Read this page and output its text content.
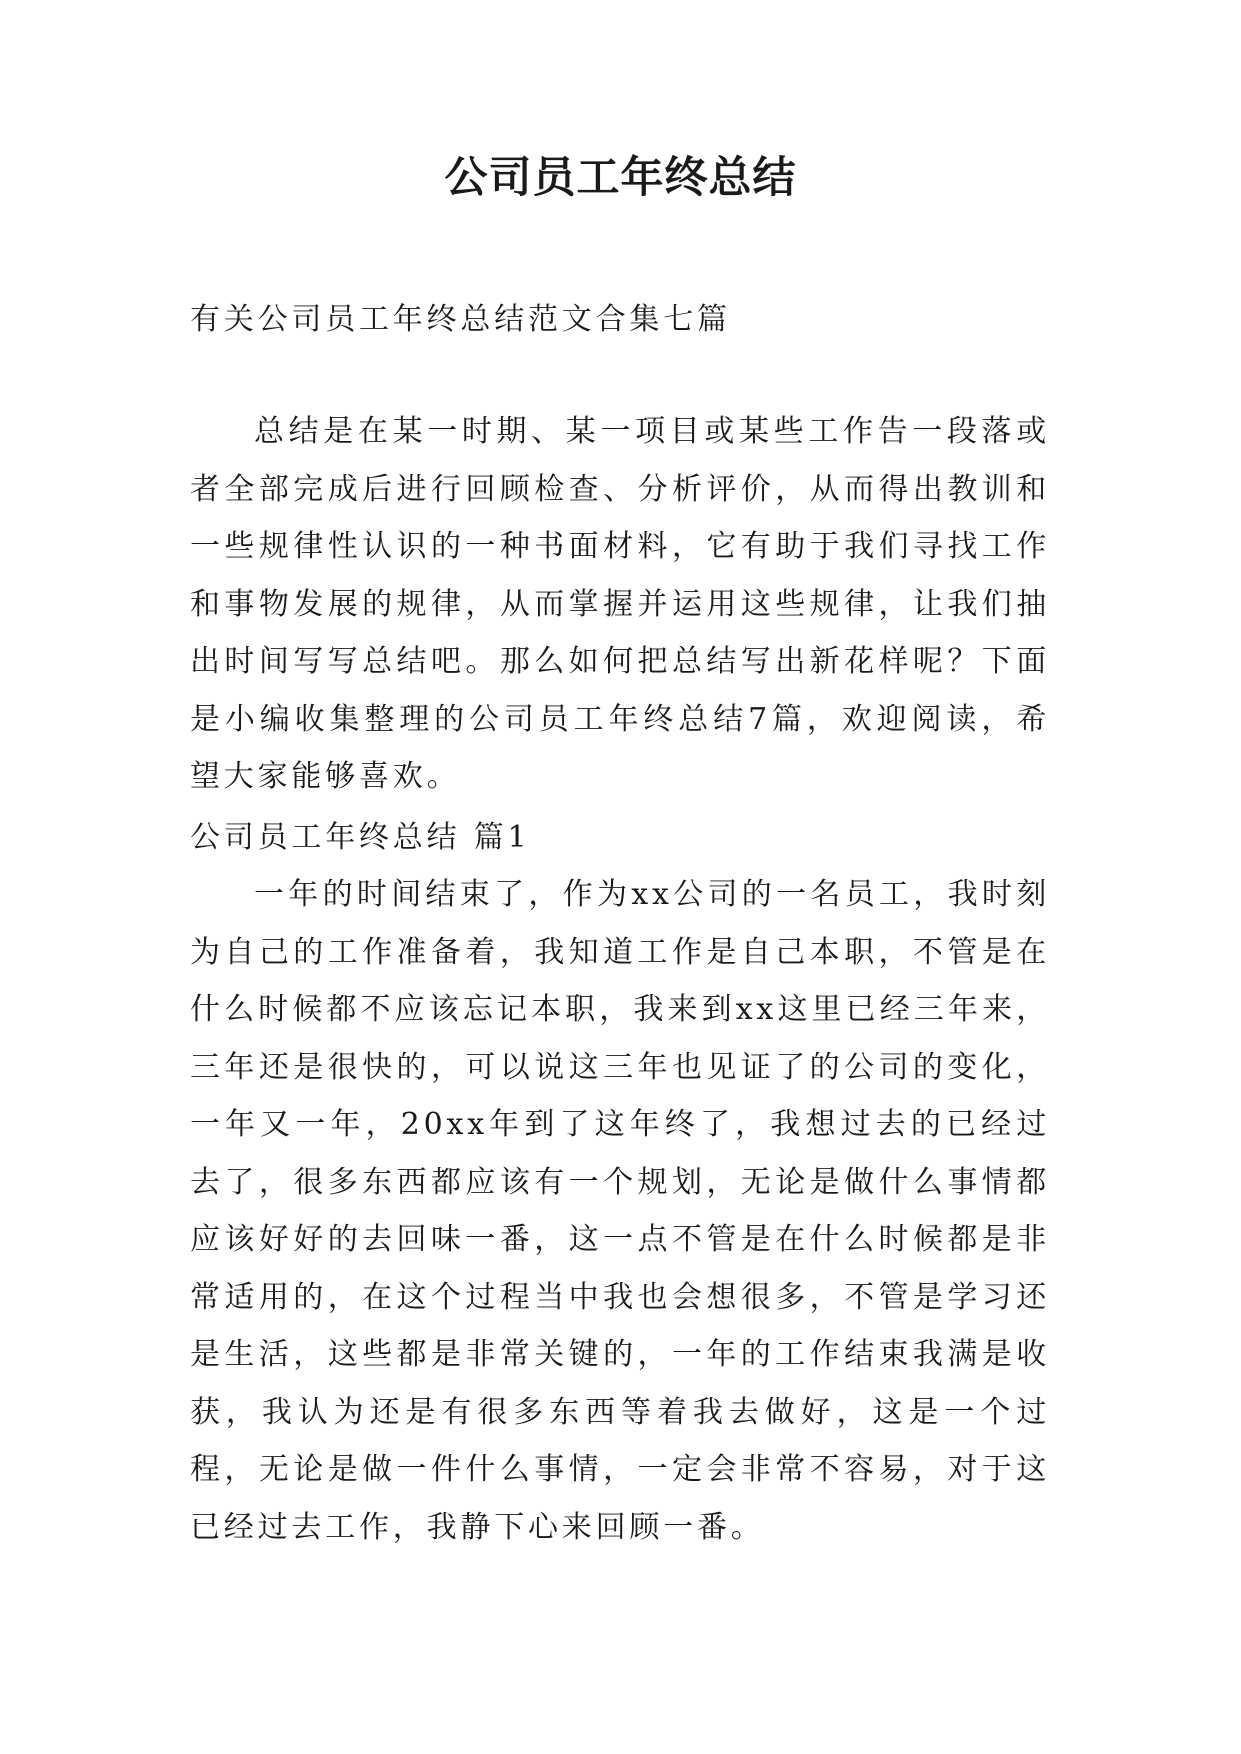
公司员工年终总结

有关公司员工年终总结范文合集七篇

总结是在某一时期、某一项目或某些工作告一段落或者全部完成后进行回顾检查、分析评价，从而得出教训和一些规律性认识的一种书面材料，它有助于我们寻找工作和事物发展的规律，从而掌握并运用这些规律，让我们抽出时间写写总结吧。那么如何把总结写出新花样呢？下面是小编收集整理的公司员工年终总结7篇，欢迎阅读，希望大家能够喜欢。

公司员工年终总结 篇1

一年的时间结束了，作为xx公司的一名员工，我时刻为自己的工作准备着，我知道工作是自己本职，不管是在什么时候都不应该忘记本职，我来到xx这里已经三年来，三年还是很快的，可以说这三年也见证了的公司的变化，一年又一年，20xx年到了这年终了，我想过去的已经过去了，很多东西都应该有一个规划，无论是做什么事情都应该好好的去回味一番，这一点不管是在什么时候都是非常适用的，在这个过程当中我也会想很多，不管是学习还是生活，这些都是非常关键的，一年的工作结束我满是收获，我认为还是有很多东西等着我去做好，这是一个过程，无论是做一件什么事情，一定会非常不容易，对于这已经过去工作，我静下心来回顾一番。
